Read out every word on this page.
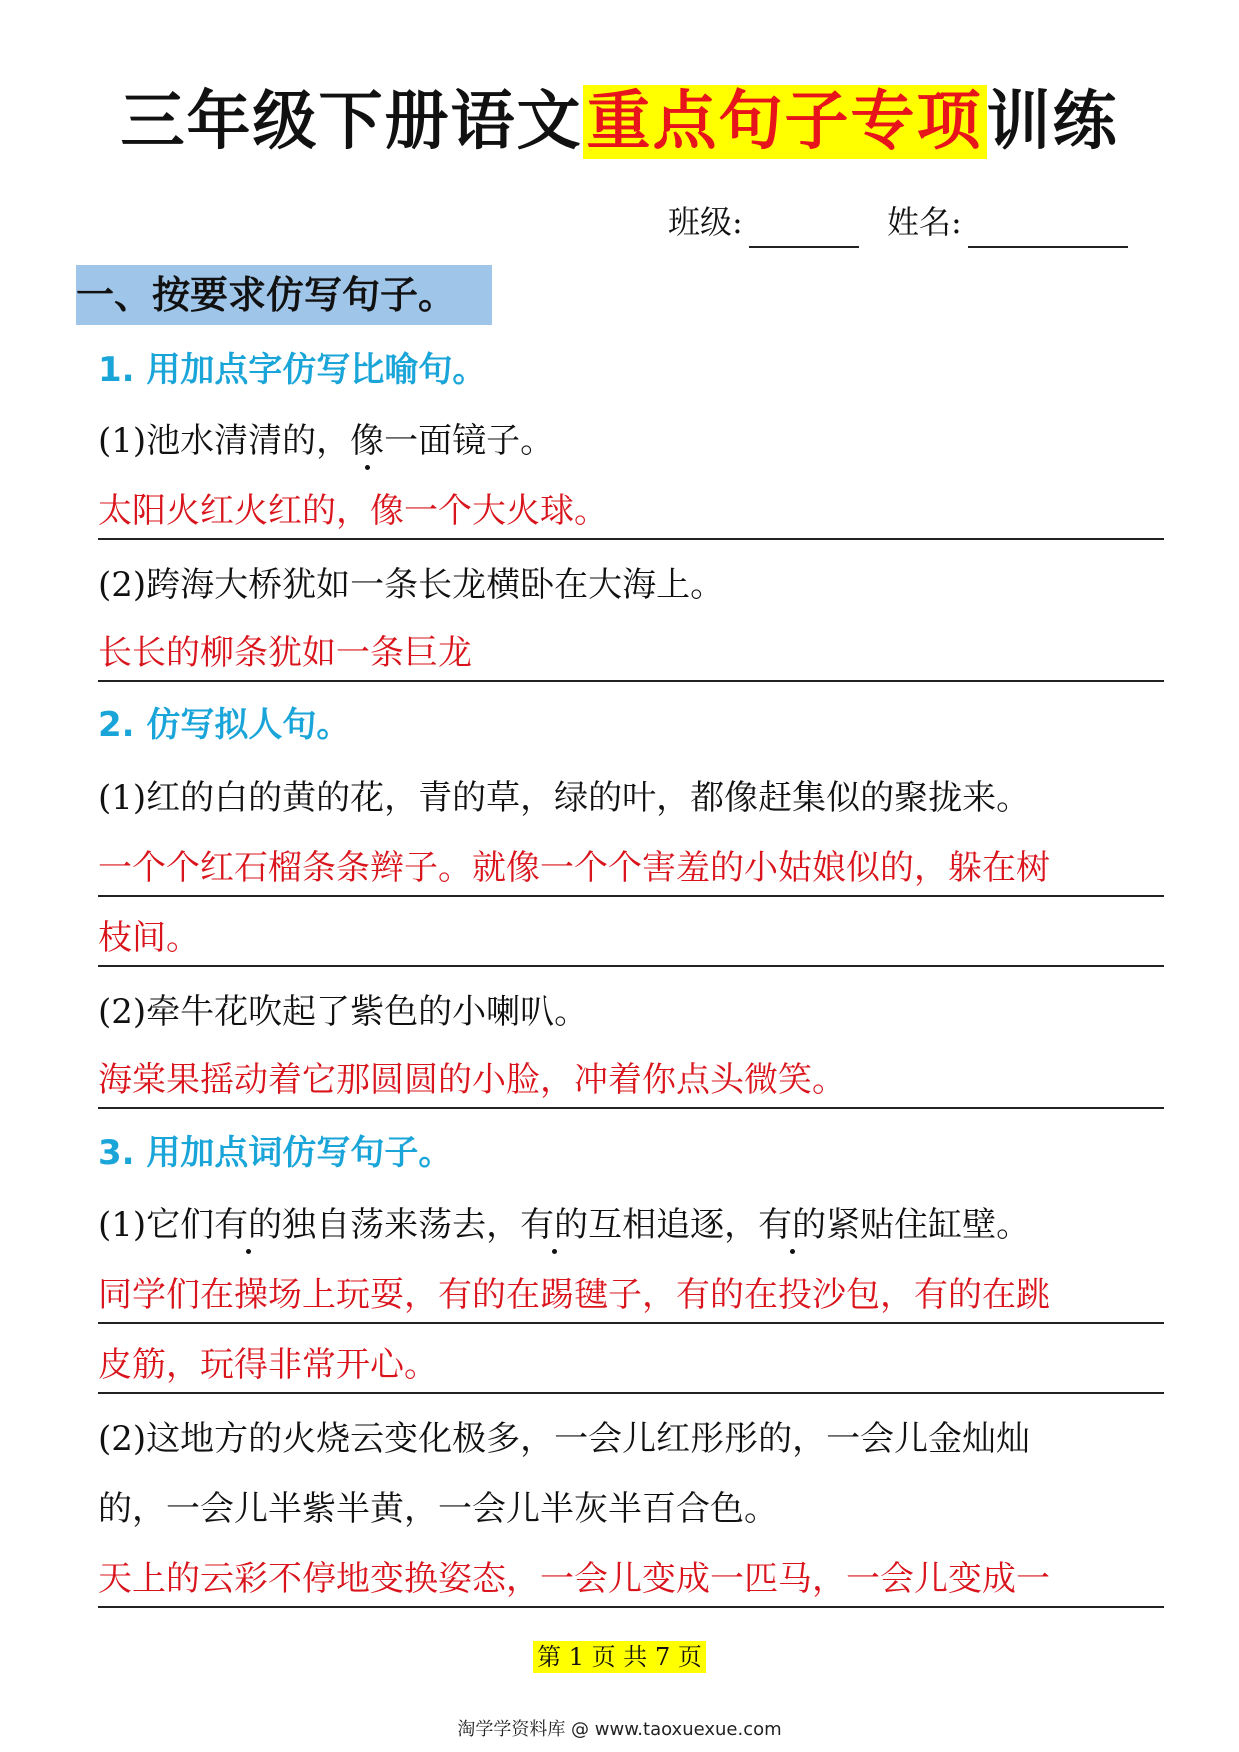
三年级下册语文重点句子专项训练
班级:	姓名:
一、按要求仿写句子。
1. 用加点字仿写比喻句。
(1)池水清清的，像一面镜子。
太阳火红火红的，像一个大火球。
(2)跨海大桥犹如一条长龙横卧在大海上。
长长的柳条犹如一条巨龙
2. 仿写拟人句。
(1)红的白的黄的花，青的草，绿的叶，都像赶集似的聚拢来。
一个个红石榴条条辫子。就像一个个害羞的小姑娘似的，躲在树
枝间。
(2)牵牛花吹起了紫色的小喇叭。
海棠果摇动着它那圆圆的小脸，冲着你点头微笑。
3. 用加点词仿写句子。
(1)它们有的独自荡来荡去，有的互相追逐，有的紧贴住缸壁。
同学们在操场上玩耍，有的在踢毽子，有的在投沙包，有的在跳
皮筋，玩得非常开心。
(2)这地方的火烧云变化极多，一会儿红彤彤的，一会儿金灿灿
的，一会儿半紫半黄，一会儿半灰半百合色。
天上的云彩不停地变换姿态，一会儿变成一匹马，一会儿变成一
第 1 页 共 7 页
淘学学资料库 @ www.taoxuexue.com
